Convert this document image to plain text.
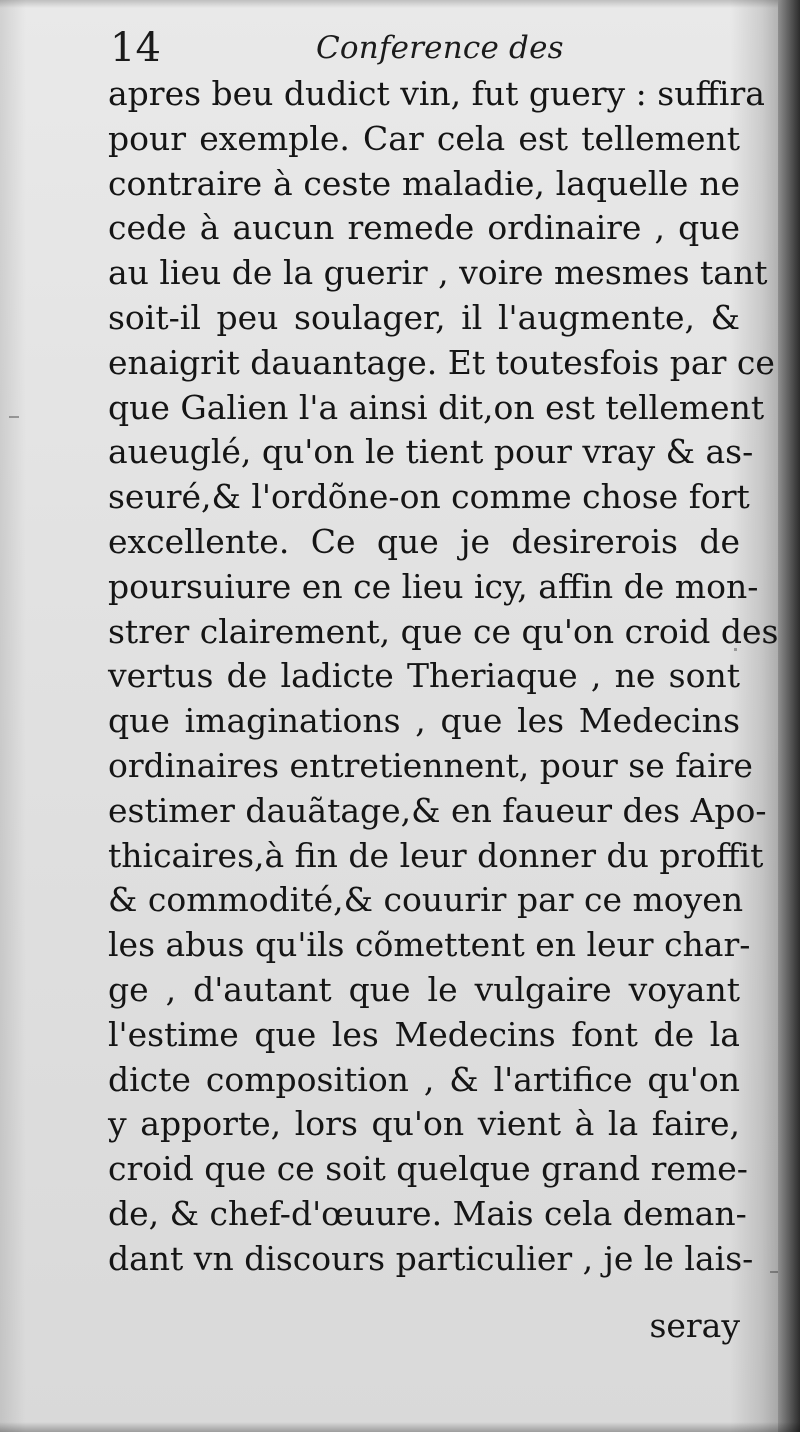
14	Conference des
apres beu dudict vin, fut guery : suffira
pour exemple. Car cela est tellement
contraire à ceste maladie, laquelle ne
cede à aucun remede ordinaire , que
au lieu de la guerir , voire mesmes tant
soit-il peu soulager, il l'augmente, &
enaigrit dauantage. Et toutesfois par ce
que Galien l'a ainsi dit,on est tellement
aueuglé, qu'on le tient pour vray & as-
seuré,& l'ordõne-on comme chose fort
excellente. Ce que je desirerois de
poursuiure en ce lieu icy, affin de mon-
strer clairement, que ce qu'on croid des
vertus de ladicte Theriaque , ne sont
que imaginations , que les Medecins
ordinaires entretiennent, pour se faire
estimer dauãtage,& en faueur des Apo-
thicaires,à fin de leur donner du proffit
& commodité,& couurir par ce moyen
les abus qu'ils cõmettent en leur char-
ge , d'autant que le vulgaire voyant
l'estime que les Medecins font de la
dicte composition , & l'artifice qu'on
y apporte, lors qu'on vient à la faire,
croid que ce soit quelque grand reme-
de, & chef-d'œuure. Mais cela deman-
dant vn discours particulier , je le lais-
seray
